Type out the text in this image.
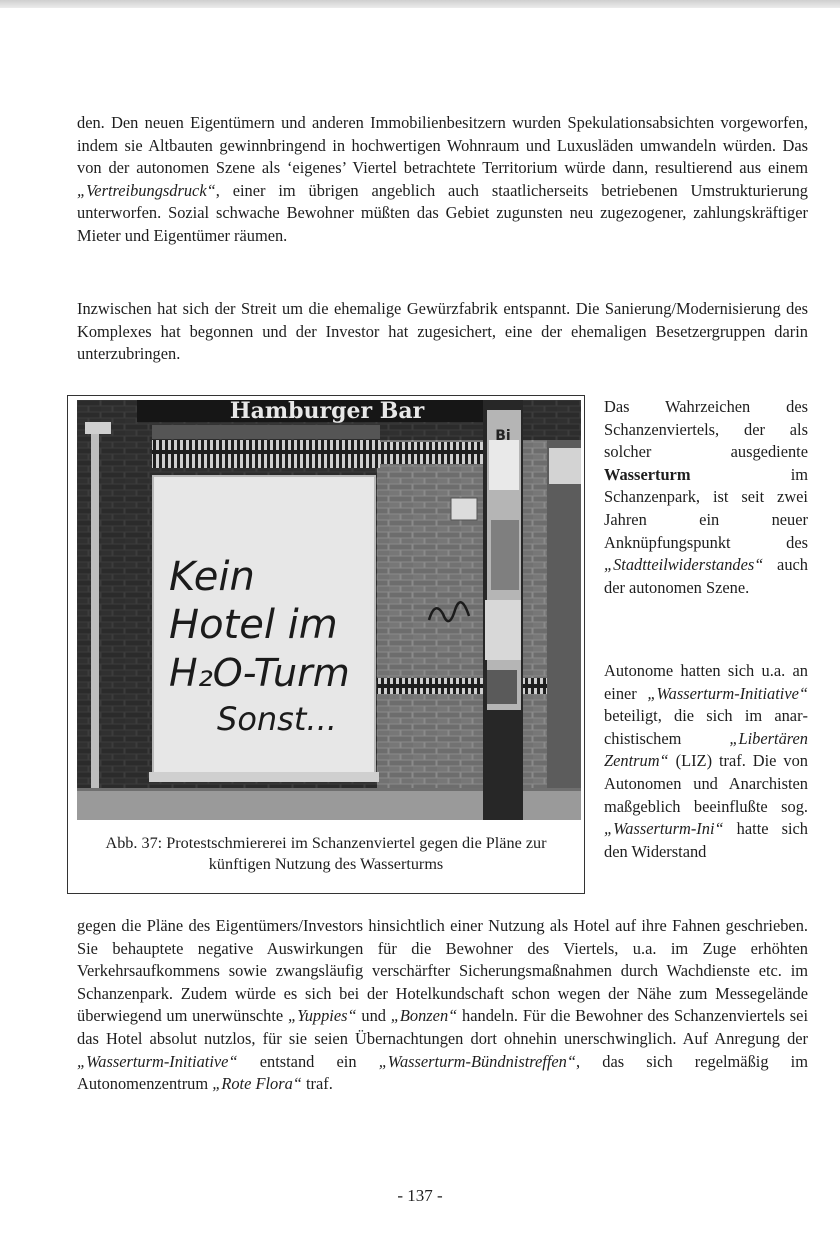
den. Den neuen Eigentümern und anderen Immobilienbesitzern wurden Spekulationsabsichten vorgeworfen, indem sie Altbauten gewinnbringend in hochwertigen Wohnraum und Luxusläden umwandeln würden. Das von der autonomen Szene als ‘eigenes’ Viertel betrachtete Territorium würde dann, resultierend aus einem „Vertreibungsdruck“, einer im übrigen angeblich auch staatlicherseits betriebenen Umstrukturierung unterworfen. Sozial schwache Bewohner müßten das Gebiet zugunsten neu zugezogener, zahlungskräftiger Mieter und Eigentümer räumen.

Inzwischen hat sich der Streit um die ehemalige Gewürzfabrik entspannt. Die Sanierung/Modernisierung des Komplexes hat begonnen und der Investor hat zugesichert, eine der ehemaligen Besetzergruppen darin unterzubringen.

Hamburger Bar
Bi
Kein
Hotel im
H₂O-Turm
Sonst...

Abb. 37: Protestschmiererei im Schanzenviertel gegen die Pläne zur künftigen Nutzung des Wasserturms

Das Wahrzeichen des Schanzenviertels, der als solcher ausgediente Wasserturm im Schanzenpark, ist seit zwei Jahren ein neuer Anknüpfungspunkt des „Stadtteilwiderstandes“ auch der autonomen Szene.

Autonome hatten sich u.a. an einer „Wasserturm-Initiative“ beteiligt, die sich im anarchistischem „Libertären Zentrum“ (LIZ) traf. Die von Autonomen und Anarchisten maßgeblich beeinflußte sog. „Wasserturm-Ini“ hatte sich den Widerstand

gegen die Pläne des Eigentümers/Investors hinsichtlich einer Nutzung als Hotel auf ihre Fahnen geschrieben. Sie behauptete negative Auswirkungen für die Bewohner des Viertels, u.a. im Zuge erhöhten Verkehrsaufkommens sowie zwangsläufig verschärfter Sicherungsmaßnahmen durch Wachdienste etc. im Schanzenpark. Zudem würde es sich bei der Hotelkundschaft schon wegen der Nähe zum Messegelände überwiegend um unerwünschte „Yuppies“ und „Bonzen“ handeln. Für die Bewohner des Schanzenviertels sei das Hotel absolut nutzlos, für sie seien Übernachtungen dort ohnehin unerschwinglich. Auf Anregung der „Wasserturm-Initiative“ entstand ein „Wasserturm-Bündnistreffen“, das sich regelmäßig im Autonomenzentrum „Rote Flora“ traf.

- 137 -
